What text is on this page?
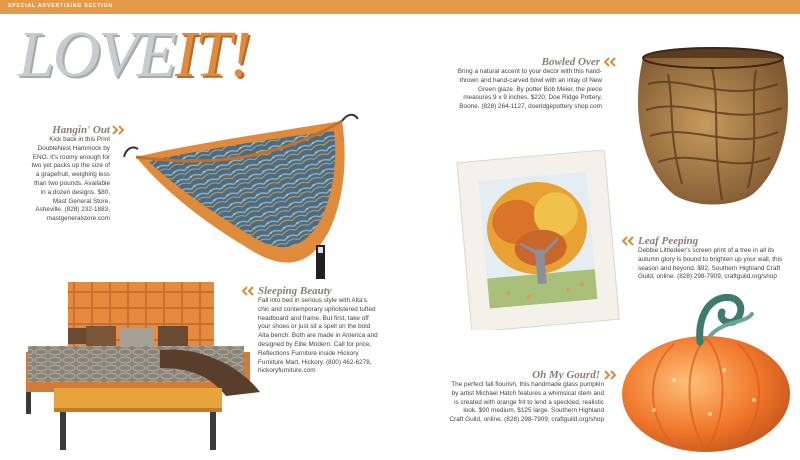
SPECIAL ADVERTISING SECTION
LOVEIT!
Hangin' Out
Kick back in this Print DoubleNest Hammock by ENO. It's roomy enough for two yet packs up the size of a grapefruit, weighing less than two pounds. Available in a dozen designs. $80, Mast General Store, Asheville. (828) 232-1883, mastgeneralstore.com
Bowled Over
Bring a natural accent to your decor with this hand-thrown and hand-carved bowl with an inlay of New Green glaze. By potter Bob Meier, the piece measures 9 x 9 inches. $220, Doe Ridge Pottery, Boone. (828) 264-1127, doeridgepottery shop.com
Leaf Peeping
Debbie Littledeer's screen print of a tree in all its autumn glory is bound to brighten up your wall, this season and beyond. $92, Southern Highland Craft Guild, online. (828) 298-7909, craftguild.org/shop
Sleeping Beauty
Fall into bed in serious style with Alta's chic and contemporary upholstered tufted headboard and frame. But first, take off your shoes or just sit a spell on the bold Alta bench. Both are made in America and designed by Elite Modern. Call for price, Reflections Furniture inside Hickory Furniture Mart, Hickory. (800) 462-6278, hickoryfurniture.com	Oh My Gourd!
The perfect fall flourish, this handmade glass pumpkin by artist Michael Hatch features a whimsical stem and is created with orange frit to lend a speckled, realistic look. $90 medium, $125 large. Southern Highland Craft Guild, online. (828) 298-7909, craftguild.org/shop
